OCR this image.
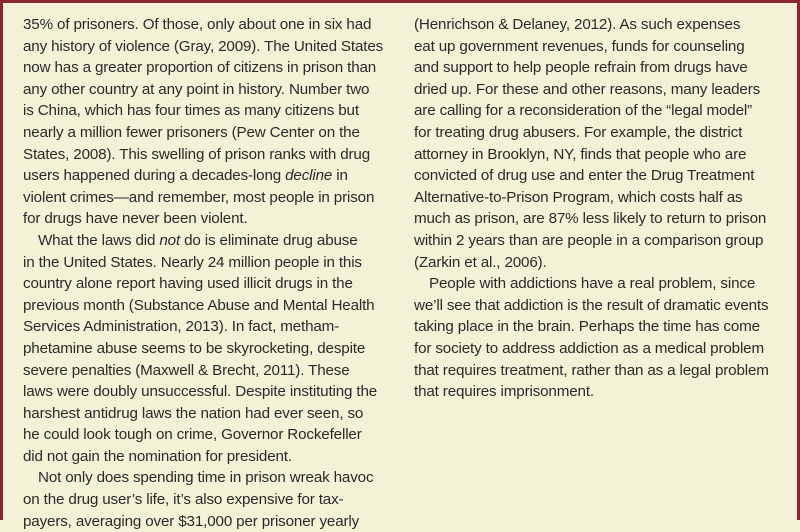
35% of prisoners. Of those, only about one in six had
any history of violence (Gray, 2009). The United States
now has a greater proportion of citizens in prison than
any other country at any point in history. Number two
is China, which has four times as many citizens but
nearly a million fewer prisoners (Pew Center on the
States, 2008). This swelling of prison ranks with drug
users happened during a decades-long decline in
violent crimes—and remember, most people in prison
for drugs have never been violent.
What the laws did not do is eliminate drug abuse
in the United States. Nearly 24 million people in this
country alone report having used illicit drugs in the
previous month (Substance Abuse and Mental Health
Services Administration, 2013). In fact, metham-
phetamine abuse seems to be skyrocketing, despite
severe penalties (Maxwell & Brecht, 2011). These
laws were doubly unsuccessful. Despite instituting the
harshest antidrug laws the nation had ever seen, so
he could look tough on crime, Governor Rockefeller
did not gain the nomination for president.
Not only does spending time in prison wreak havoc
on the drug user’s life, it’s also expensive for tax-
payers, averaging over $31,000 per prisoner yearly
(Henrichson & Delaney, 2012). As such expenses
eat up government revenues, funds for counseling
and support to help people refrain from drugs have
dried up. For these and other reasons, many leaders
are calling for a reconsideration of the “legal model”
for treating drug abusers. For example, the district
attorney in Brooklyn, NY, finds that people who are
convicted of drug use and enter the Drug Treatment
Alternative-to-Prison Program, which costs half as
much as prison, are 87% less likely to return to prison
within 2 years than are people in a comparison group
(Zarkin et al., 2006).
People with addictions have a real problem, since
we’ll see that addiction is the result of dramatic events
taking place in the brain. Perhaps the time has come
for society to address addiction as a medical problem
that requires treatment, rather than as a legal problem
that requires imprisonment.
